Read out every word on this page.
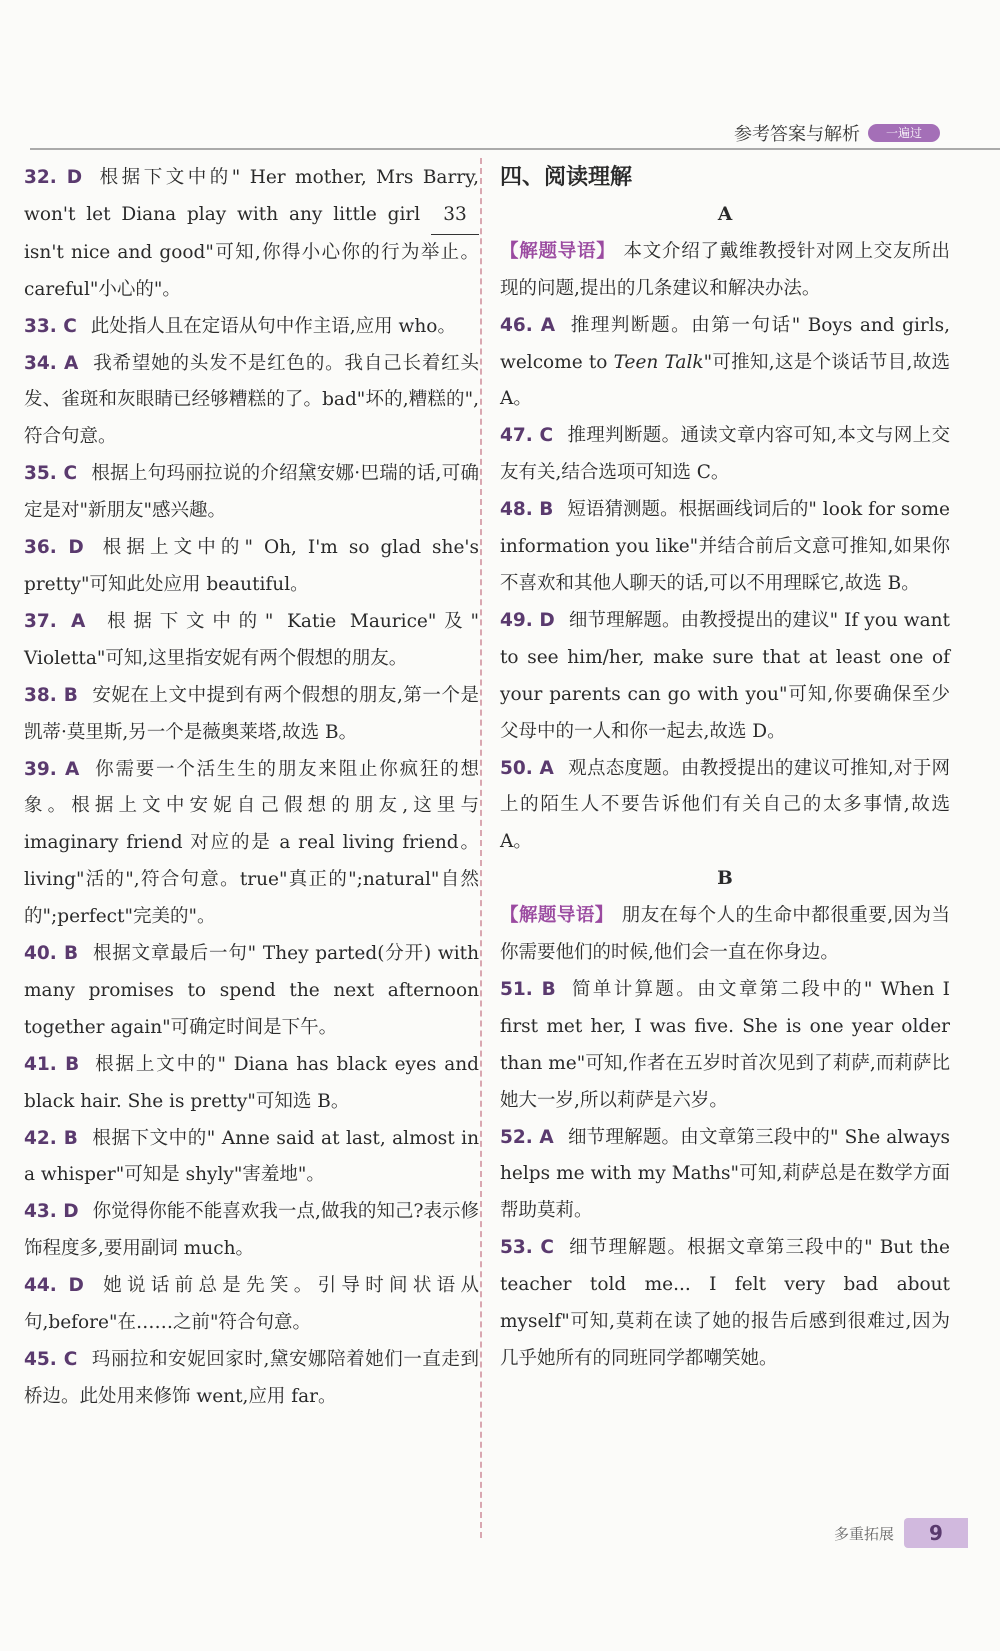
参考答案与解析	一遍过

32. D 根据下文中的" Her mother, Mrs Barry, won't let Diana play with any little girl 33 isn't nice and good"可知,你得小心你的行为举止。careful"小心的"。

33. C 此处指人且在定语从句中作主语,应用 who。

34. A 我希望她的头发不是红色的。我自己长着红头发、雀斑和灰眼睛已经够糟糕的了。bad"坏的,糟糕的",符合句意。

35. C 根据上句玛丽拉说的介绍黛安娜·巴瑞的话,可确定是对"新朋友"感兴趣。

36. D 根据上文中的" Oh, I'm so glad she's pretty"可知此处应用 beautiful。

37. A 根据下文中的" Katie Maurice"及" Violetta"可知,这里指安妮有两个假想的朋友。

38. B 安妮在上文中提到有两个假想的朋友,第一个是凯蒂·莫里斯,另一个是薇奥莱塔,故选 B。

39. A 你需要一个活生生的朋友来阻止你疯狂的想象。根据上文中安妮自己假想的朋友,这里与 imaginary friend 对应的是 a real living friend。living"活的",符合句意。true"真正的";natural"自然的";perfect"完美的"。

40. B 根据文章最后一句" They parted(分开) with many promises to spend the next afternoon together again"可确定时间是下午。

41. B 根据上文中的" Diana has black eyes and black hair. She is pretty"可知选 B。

42. B 根据下文中的" Anne said at last, almost in a whisper"可知是 shyly"害羞地"。

43. D 你觉得你能不能喜欢我一点,做我的知己?表示修饰程度多,要用副词 much。

44. D 她说话前总是先笑。引导时间状语从句,before"在……之前"符合句意。

45. C 玛丽拉和安妮回家时,黛安娜陪着她们一直走到桥边。此处用来修饰 went,应用 far。

四、阅读理解

A

【解题导语】 本文介绍了戴维教授针对网上交友所出现的问题,提出的几条建议和解决办法。

46. A 推理判断题。由第一句话" Boys and girls, welcome to Teen Talk"可推知,这是个谈话节目,故选 A。

47. C 推理判断题。通读文章内容可知,本文与网上交友有关,结合选项可知选 C。

48. B 短语猜测题。根据画线词后的" look for some information you like"并结合前后文意可推知,如果你不喜欢和其他人聊天的话,可以不用理睬它,故选 B。

49. D 细节理解题。由教授提出的建议" If you want to see him/her, make sure that at least one of your parents can go with you"可知,你要确保至少父母中的一人和你一起去,故选 D。

50. A 观点态度题。由教授提出的建议可推知,对于网上的陌生人不要告诉他们有关自己的太多事情,故选 A。

B

【解题导语】 朋友在每个人的生命中都很重要,因为当你需要他们的时候,他们会一直在你身边。

51. B 简单计算题。由文章第二段中的" When I first met her, I was five. She is one year older than me"可知,作者在五岁时首次见到了莉萨,而莉萨比她大一岁,所以莉萨是六岁。

52. A 细节理解题。由文章第三段中的" She always helps me with my Maths"可知,莉萨总是在数学方面帮助莫莉。

53. C 细节理解题。根据文章第三段中的" But the teacher told me... I felt very bad about myself"可知,莫莉在读了她的报告后感到很难过,因为几乎她所有的同班同学都嘲笑她。

多重拓展	9
